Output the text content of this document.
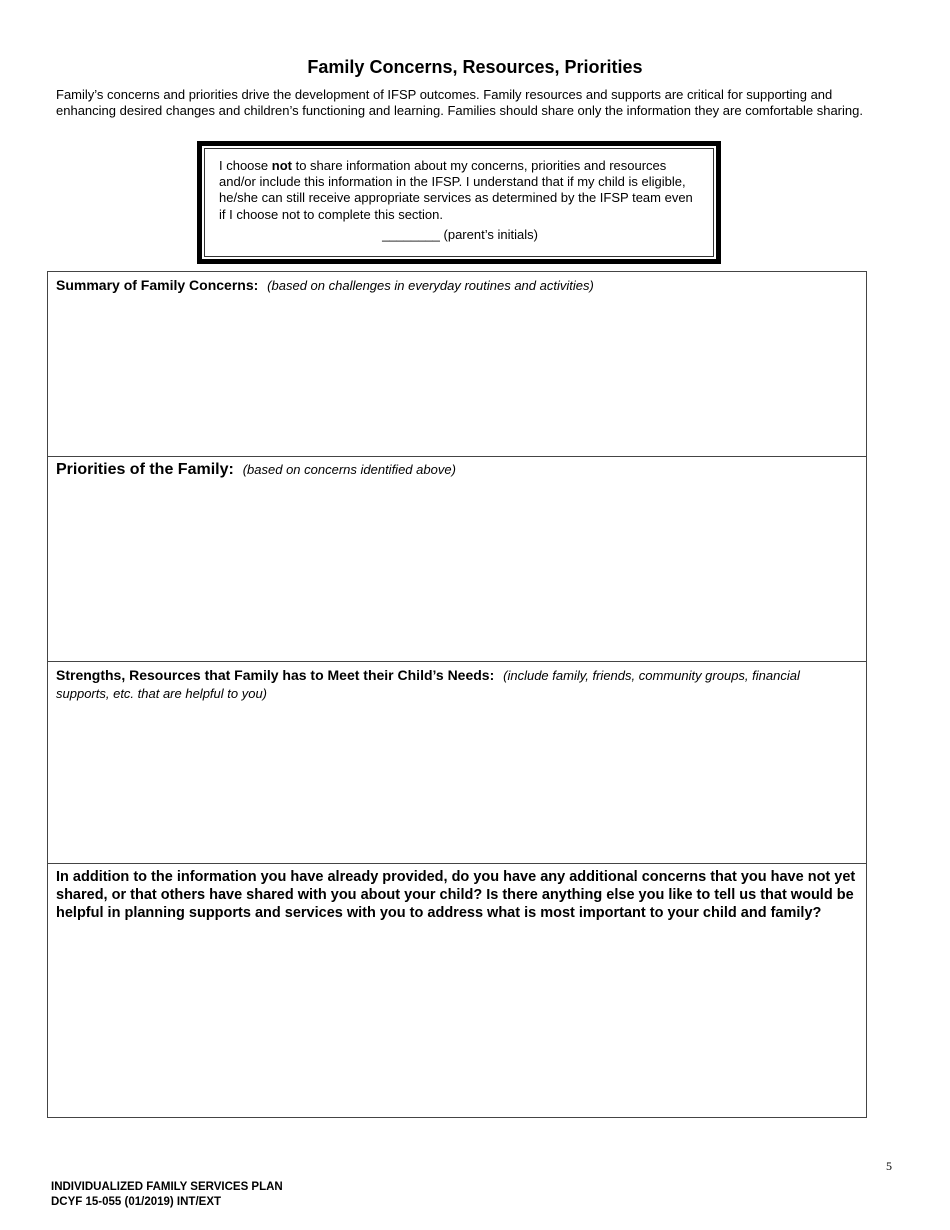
Family Concerns, Resources, Priorities
Family’s concerns and priorities drive the development of IFSP outcomes. Family resources and supports are critical for supporting and enhancing desired changes and children’s functioning and learning. Families should share only the information they are comfortable sharing.
I choose not to share information about my concerns, priorities and resources and/or include this information in the IFSP. I understand that if my child is eligible, he/she can still receive appropriate services as determined by the IFSP team even if I choose not to complete this section.
________ (parent’s initials)
Summary of Family Concerns: (based on challenges in everyday routines and activities)
Priorities of the Family: (based on concerns identified above)
Strengths, Resources that Family has to Meet their Child’s Needs: (include family, friends, community groups, financial supports, etc. that are helpful to you)
In addition to the information you have already provided, do you have any additional concerns that you have not yet shared, or that others have shared with you about your child? Is there anything else you like to tell us that would be helpful in planning supports and services with you to address what is most important to your child and family?
5
INDIVIDUALIZED FAMILY SERVICES PLAN
DCYF 15-055 (01/2019) INT/EXT
